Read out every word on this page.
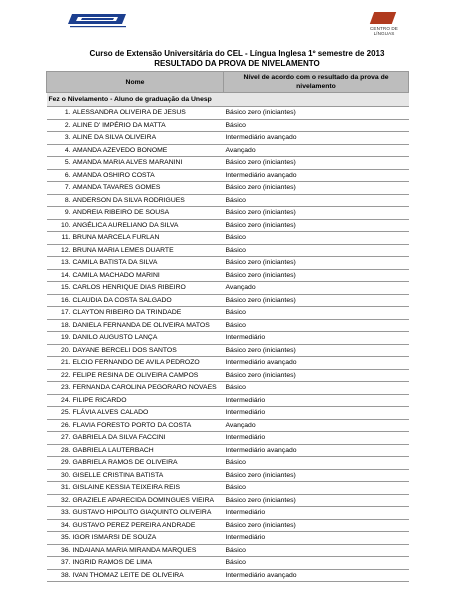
CENTRO DE LÍNGUAS
Curso de Extensão Universitária do CEL - Língua Inglesa 1º semestre de 2013
RESULTADO DA PROVA DE NIVELAMENTO
Nome	Nível de acordo com o resultado da prova de nivelamento
Fez o Nivelamento - Aluno de graduação da Unesp	
1. ALESSANDRA OLIVEIRA DE JESUS	Básico zero (iniciantes)
2. ALINE D' IMPÉRIO DA MATTA	Básico
3. ALINE DA SILVA OLIVEIRA	Intermediário avançado
4. AMANDA AZEVEDO BONOME	Avançado
5. AMANDA MARIA ALVES MARANINI	Básico zero (iniciantes)
6. AMANDA OSHIRO COSTA	Intermediário avançado
7. AMANDA TAVARES GOMES	Básico zero (iniciantes)
8. ANDERSON DA SILVA RODRIGUES	Básico
9. ANDREIA RIBEIRO DE SOUSA	Básico zero (iniciantes)
10. ANGÉLICA AURELIANO DA SILVA	Básico zero (iniciantes)
11. BRUNA MARCELA FURLAN	Básico
12. BRUNA MARIA LEMES DUARTE	Básico
13. CAMILA BATISTA DA SILVA	Básico zero (iniciantes)
14. CAMILA MACHADO MARINI	Básico zero (iniciantes)
15. CARLOS HENRIQUE DIAS RIBEIRO	Avançado
16. CLAUDIA DA COSTA SALGADO	Básico zero (iniciantes)
17. CLAYTON RIBEIRO DA TRINDADE	Básico
18. DANIELA FERNANDA DE OLIVEIRA MATOS	Básico
19. DANILO AUGUSTO LANÇA	Intermediário
20. DAYANE BERCELI DOS SANTOS	Básico zero (iniciantes)
21. ELCIO FERNANDO DE AVILA PEDROZO	Intermediário avançado
22. FELIPE RESINA DE OLIVEIRA CAMPOS	Básico zero (iniciantes)
23. FERNANDA CAROLINA PEGORARO NOVAES	Básico
24. FILIPE RICARDO	Intermediário
25. FLÁVIA ALVES CALADO	Intermediário
26. FLAVIA FORESTO PORTO DA COSTA	Avançado
27. GABRIELA DA SILVA FACCINI	Intermediário
28. GABRIELA LAUTERBACH	Intermediário avançado
29. GABRIELA RAMOS DE OLIVEIRA	Básico
30. GISELLE CRISTINA BATISTA	Básico zero (iniciantes)
31. GISLAINE KESSIA TEIXEIRA REIS	Básico
32. GRAZIELE APARECIDA DOMINGUES VIEIRA	Básico zero (iniciantes)
33. GUSTAVO HIPOLITO GIAQUINTO OLIVEIRA	Intermediário
34. GUSTAVO PEREZ PEREIRA ANDRADE	Básico zero (iniciantes)
35. IGOR ISMARSI DE SOUZA	Intermediário
36. INDAIANA MARIA MIRANDA MARQUES	Básico
37. INGRID RAMOS DE LIMA	Básico
38. IVAN THOMAZ LEITE DE OLIVEIRA	Intermediário avançado
